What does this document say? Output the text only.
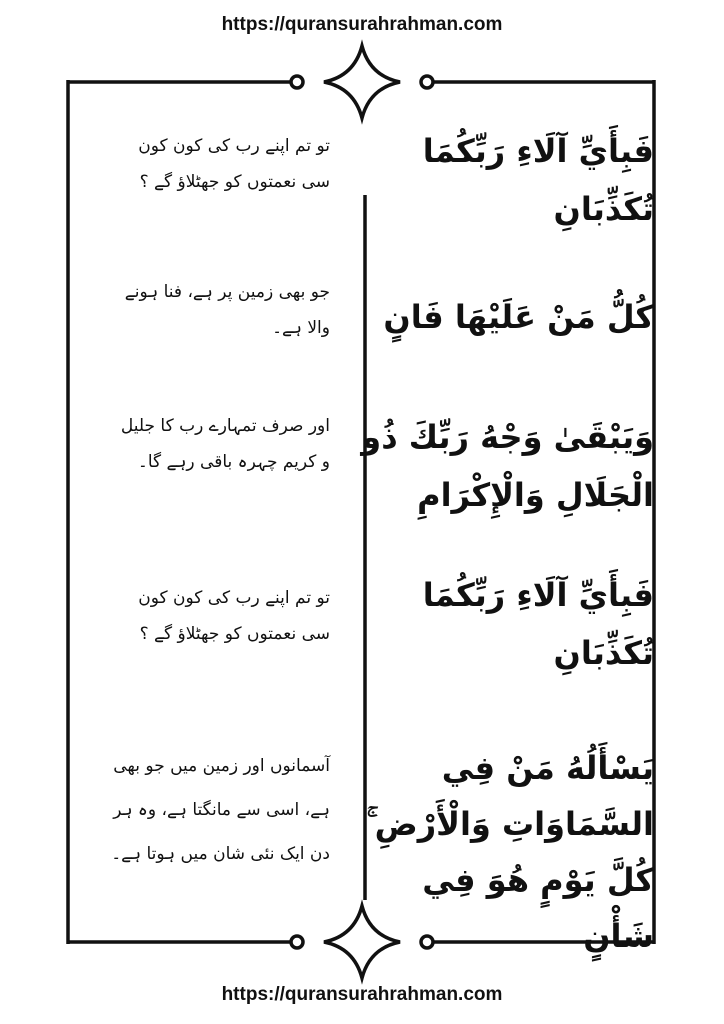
https://quransurahrahman.com
فَبِأَيِّ آلَاءِ رَبِّكُمَا تُكَذِّبَانِ
كُلُّ مَنْ عَلَيْهَا فَانٍ
وَيَبْقَىٰ وَجْهُ رَبِّكَ ذُو الْجَلَالِ وَالْإِكْرَامِ
فَبِأَيِّ آلَاءِ رَبِّكُمَا تُكَذِّبَانِ
يَسْأَلُهُ مَنْ فِي السَّمَاوَاتِ وَالْأَرْضِ ۚ كُلَّ يَوْمٍ هُوَ فِي شَأْنٍ
تو تم اپنے رب کی کون کون سی نعمتوں کو جھٹلاؤ گے ؟
جو بھی زمین پر ہے، فنا ہونے والا ہے۔
اور صرف تمہارے رب کا جلیل و کریم چہرہ باقی رہے گا۔
تو تم اپنے رب کی کون کون سی نعمتوں کو جھٹلاؤ گے ؟
آسمانوں اور زمین میں جو بھی ہے، اسی سے مانگتا ہے، وہ ہر دن ایک نئی شان میں ہوتا ہے۔
https://quransurahrahman.com
